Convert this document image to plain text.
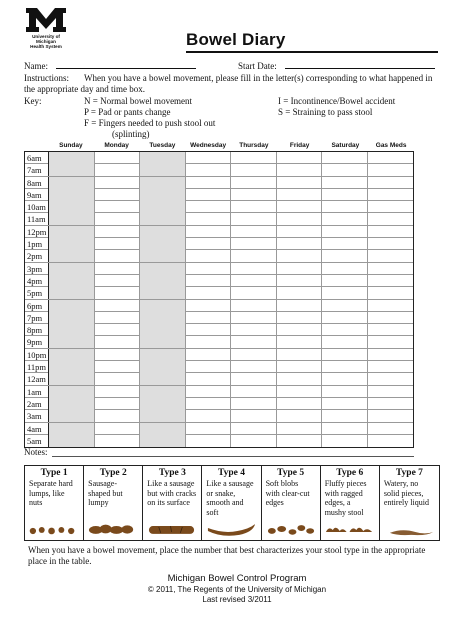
University of Michigan
Health System	Bowel Diary
Name:	Start Date:
Instructions: When you have a bowel movement, please fill in the letter(s) corresponding to what happened in
the appropriate day and time box.
Key:	N = Normal bowel movement
P = Pad or pants change
F = Fingers needed to push stool out
(splinting)
I = Incontinence/Bowel accident
S = Straining to pass stool
Sunday	Monday	Tuesday	Wednesday	Thursday	Friday	Saturday	Gas Meds
6am
7am
8am
9am
10am
11am
12pm
1pm
2pm
3pm
4pm
5pm
6pm
7pm
8pm
9pm
10pm
11pm
12am
1am
2am
3am
4am
5am
Notes:
Type 1
Separate hard
lumps, like
nuts
Type 2
Sausage-
shaped but
lumpy
Type 3
Like a sausage
but with cracks
on its surface
Type 4
Like a sausage
or snake,
smooth and
soft
Type 5
Soft blobs
with clear-cut
edges
Type 6
Fluffy pieces
with ragged
edges, a
mushy stool
Type 7
Watery, no
solid pieces,
entirely liquid
When you have a bowel movement, place the number that best characterizes your stool type in the appropriate
place in the table.
Michigan Bowel Control Program
© 2011, The Regents of the University of Michigan
Last revised 3/2011
